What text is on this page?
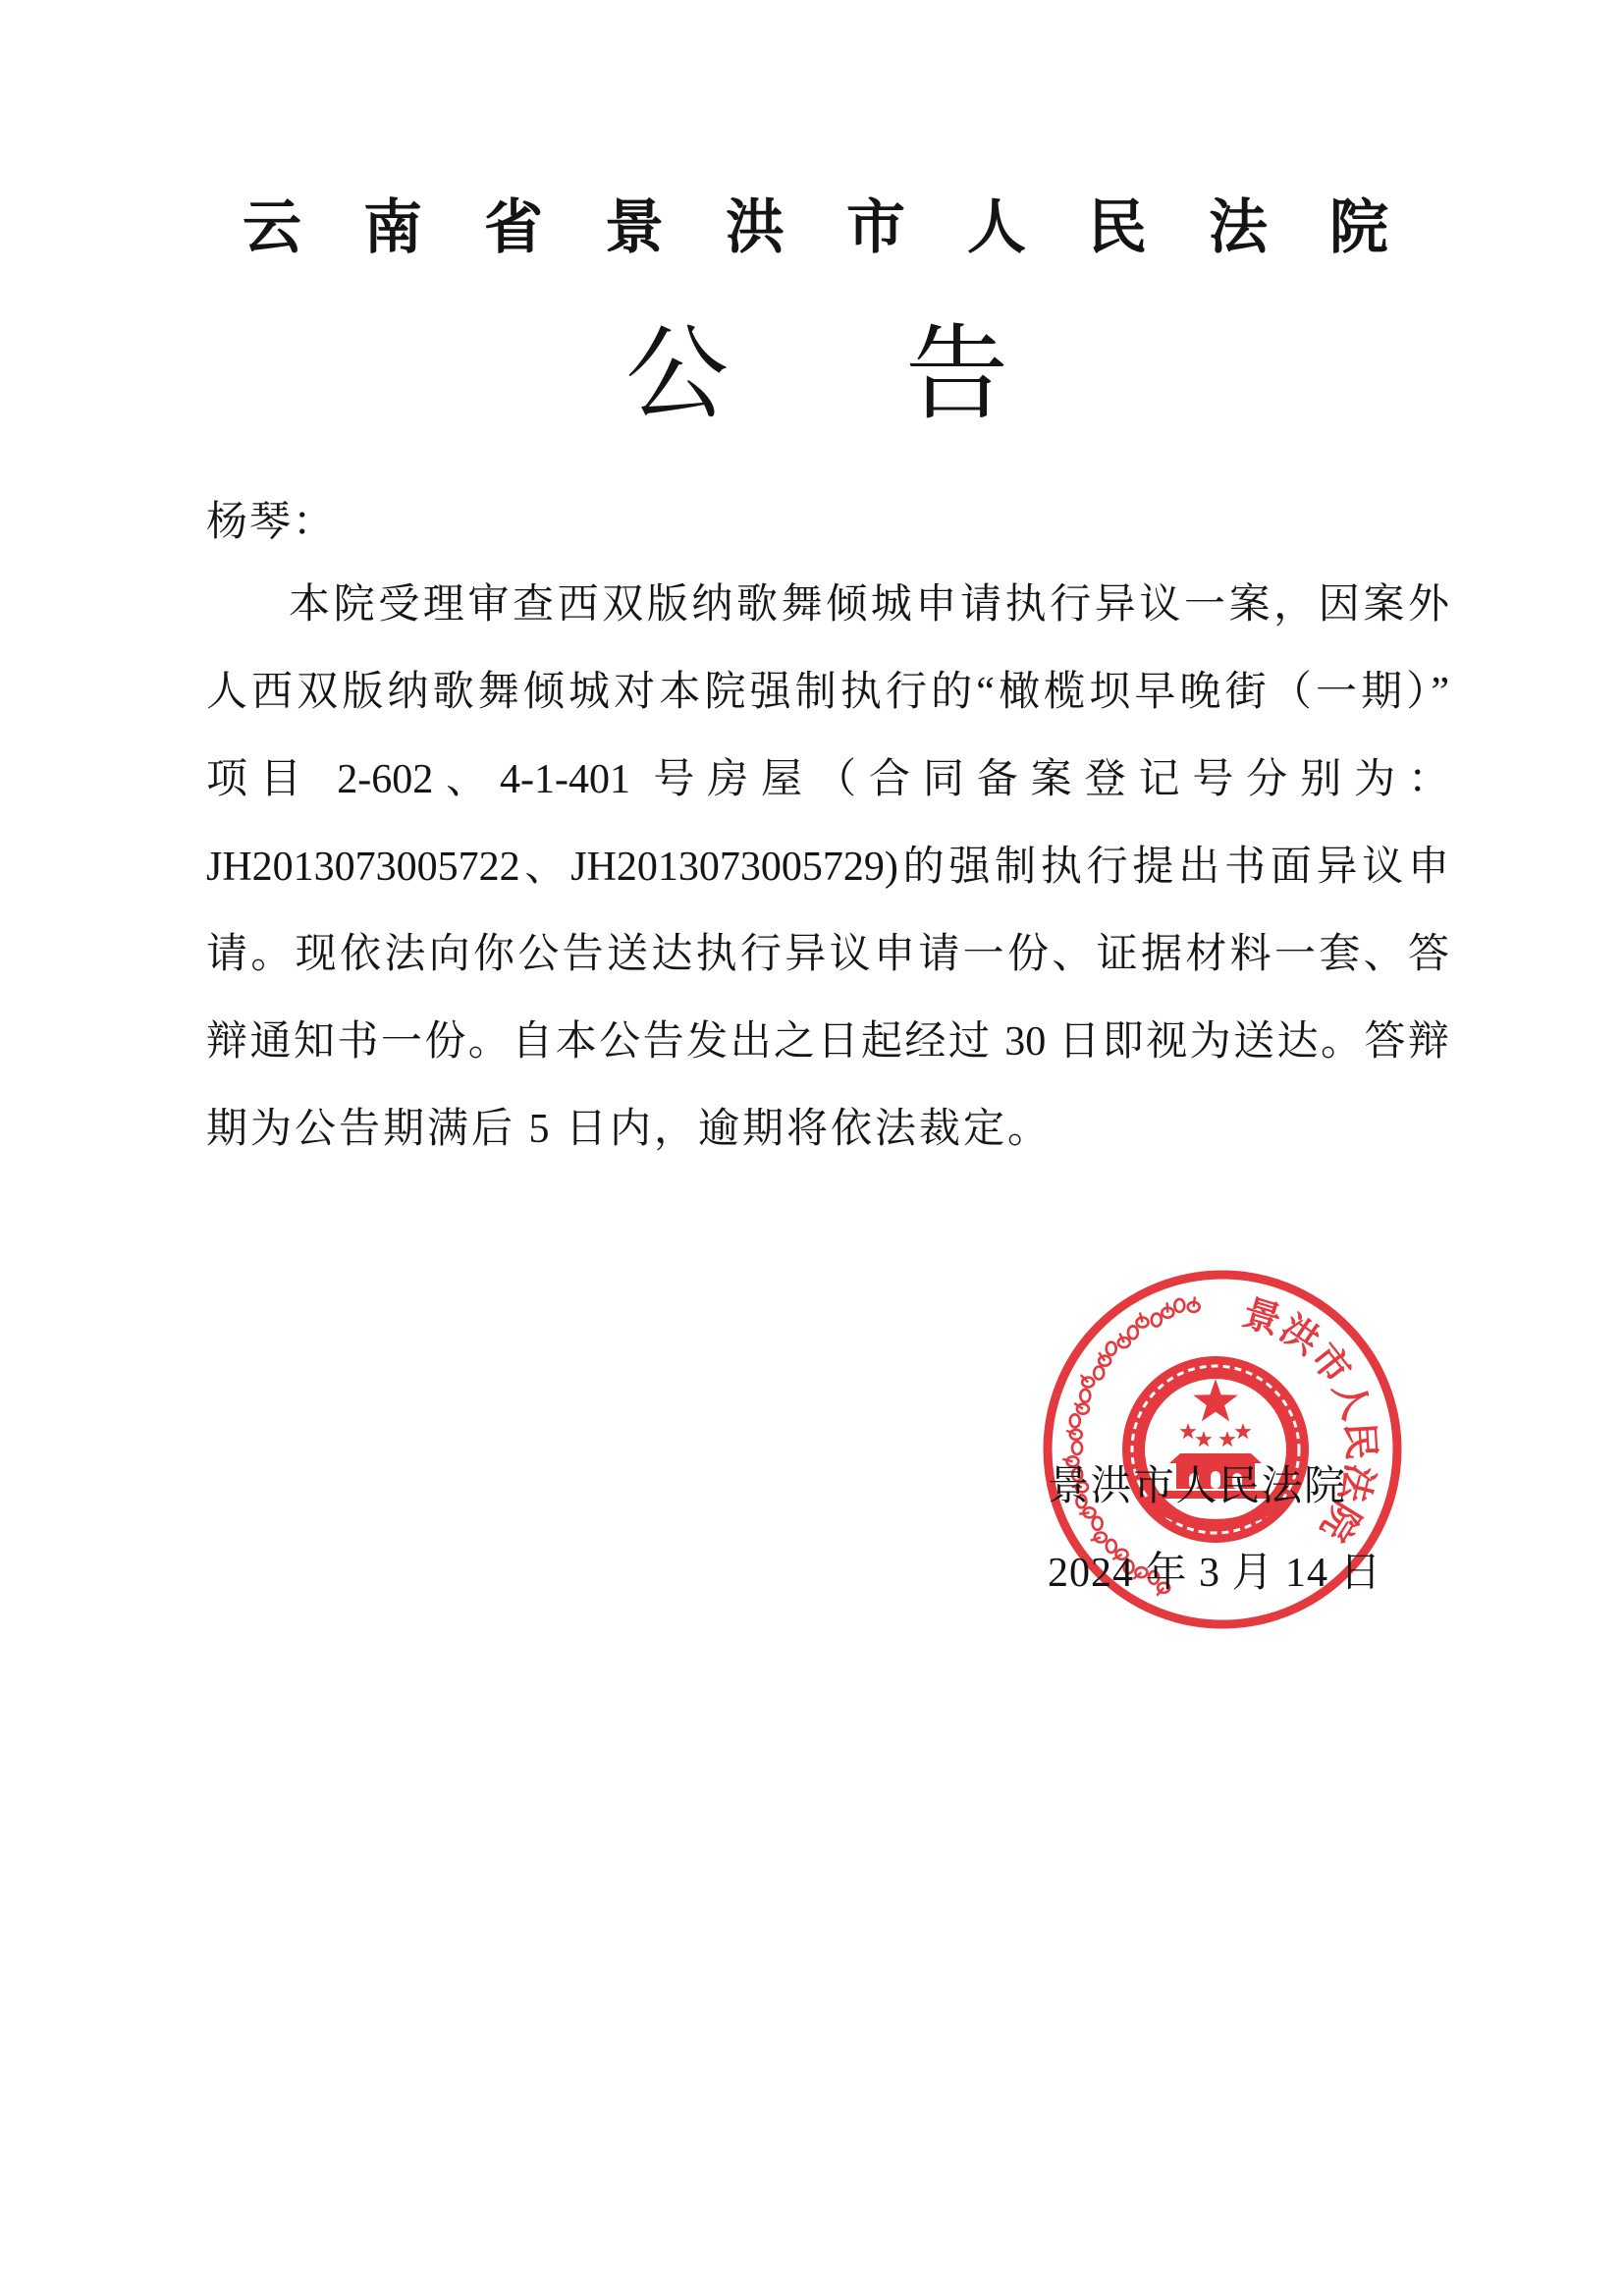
云南省景洪市人民法院
公告
杨琴：
本院受理审查西双版纳歌舞倾城申请执行异议一案，因案外
人西双版纳歌舞倾城对本院强制执行的“橄榄坝早晚街（一期）”
项目 2-602、4-1-401 号房屋（合同备案登记号分别为：
JH2013073005722、JH2013073005729)的强制执行提出书面异议申
请。现依法向你公告送达执行异议申请一份、证据材料一套、答
辩通知书一份。自本公告发出之日起经过 30 日即视为送达。答辩
期为公告期满后 5 日内，逾期将依法裁定。
景洪市人民法院
景洪市人民法院
2024 年 3 月 14 日
